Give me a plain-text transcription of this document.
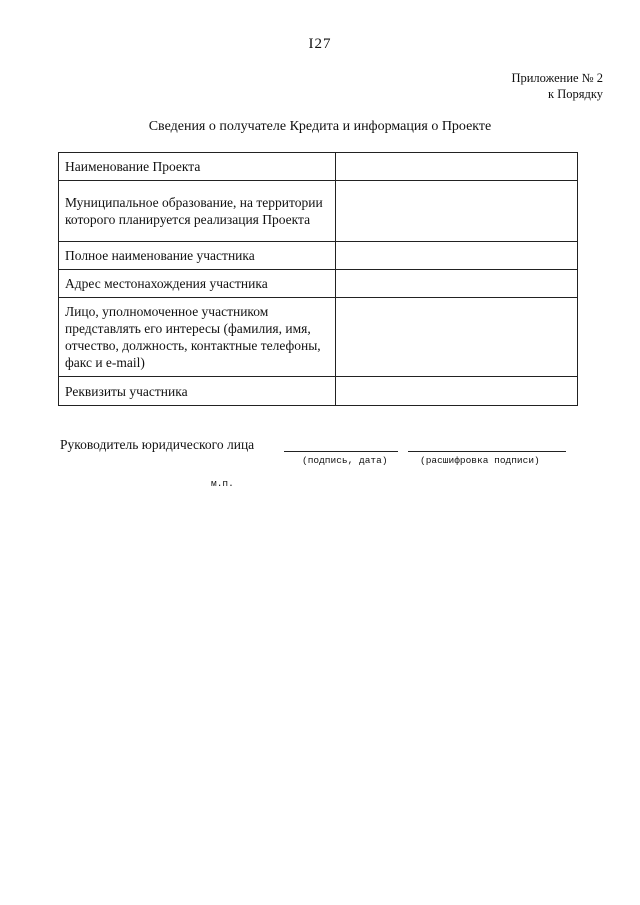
I27
Приложение № 2
к Порядку
Сведения о получателе Кредита и информация о Проекте
Наименование Проекта	
Муниципальное образование, на территории которого планируется реализация Проекта	
Полное наименование участника	
Адрес местонахождения участника	
Лицо, уполномоченное участником представлять его интересы (фамилия, имя, отчество, должность, контактные телефоны, факс и e-mail)	
Реквизиты участника	
Руководитель юридического лица
(подпись, дата)	(расшифровка подписи)
м.п.
